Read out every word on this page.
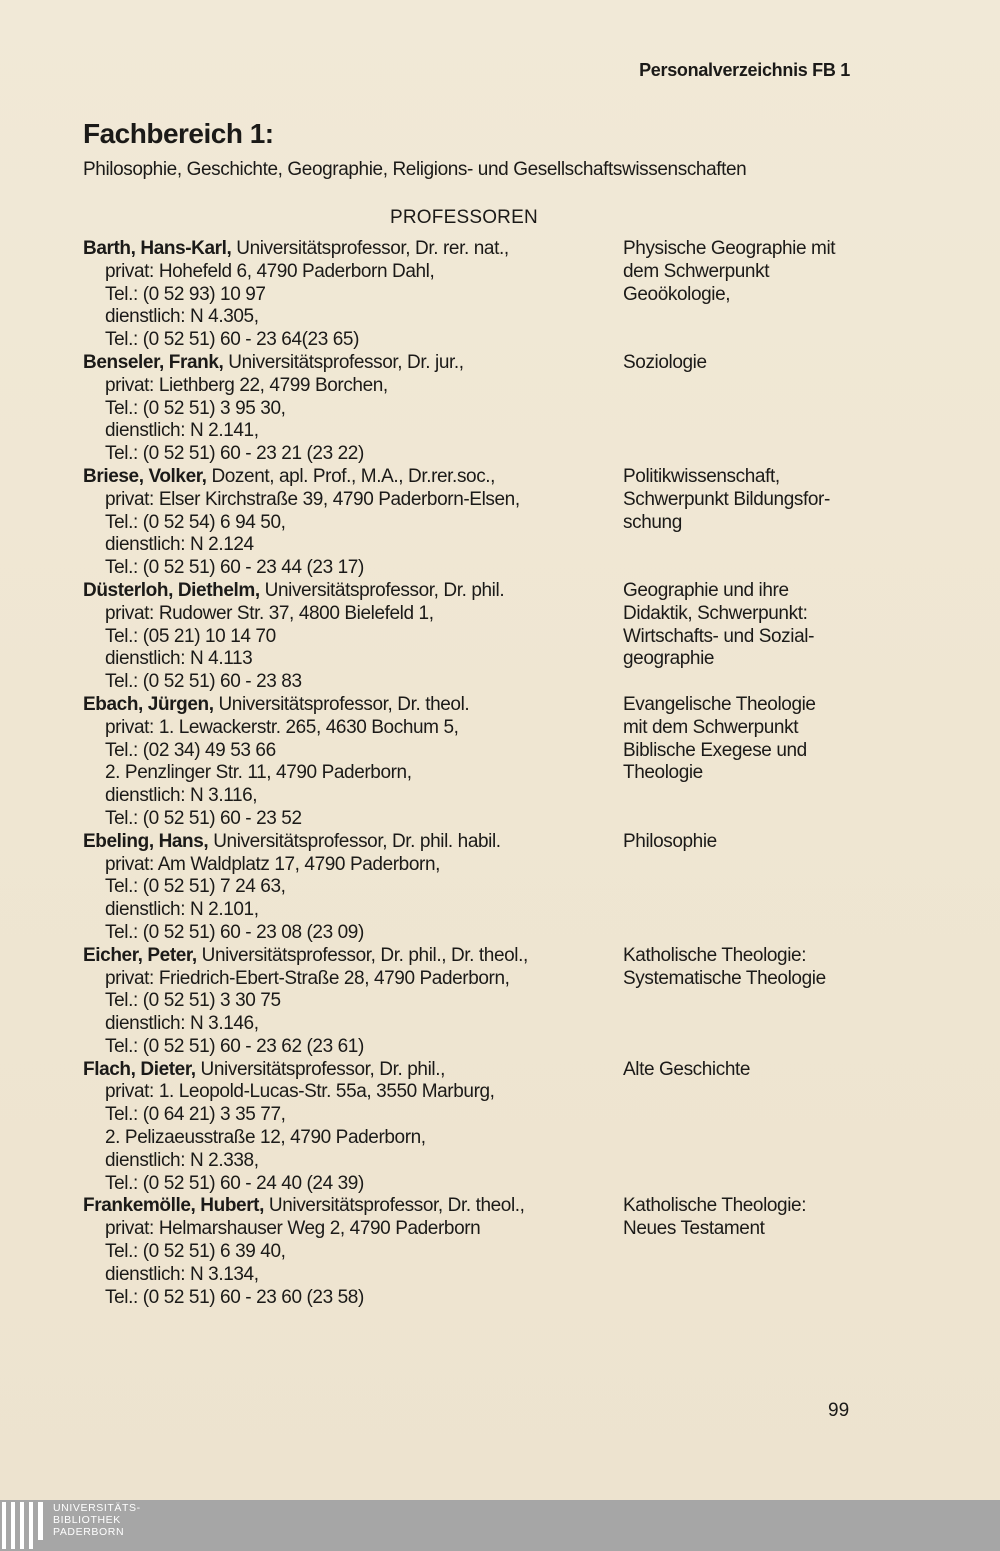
Personalverzeichnis FB 1
Fachbereich 1:
Philosophie, Geschichte, Geographie, Religions- und Gesellschaftswissenschaften
PROFESSOREN
Barth, Hans-Karl, Universitätsprofessor, Dr. rer. nat.,
privat: Hohefeld 6, 4790 Paderborn Dahl,
Tel.: (0 52 93) 10 97
dienstlich: N 4.305,
Tel.: (0 52 51) 60 - 23 64(23 65)
Physische Geographie mit
dem Schwerpunkt
Geoökologie,
Benseler, Frank, Universitätsprofessor, Dr. jur.,
privat: Liethberg 22, 4799 Borchen,
Tel.: (0 52 51) 3 95 30,
dienstlich: N 2.141,
Tel.: (0 52 51) 60 - 23 21 (23 22)
Soziologie
Briese, Volker, Dozent, apl. Prof., M.A., Dr.rer.soc.,
privat: Elser Kirchstraße 39, 4790 Paderborn-Elsen,
Tel.: (0 52 54) 6 94 50,
dienstlich: N 2.124
Tel.: (0 52 51) 60 - 23 44 (23 17)
Politikwissenschaft,
Schwerpunkt Bildungsfor-
schung
Düsterloh, Diethelm, Universitätsprofessor, Dr. phil.
privat: Rudower Str. 37, 4800 Bielefeld 1,
Tel.: (05 21) 10 14 70
dienstlich: N 4.113
Tel.: (0 52 51) 60 - 23 83
Geographie und ihre
Didaktik, Schwerpunkt:
Wirtschafts- und Sozial-
geographie
Ebach, Jürgen, Universitätsprofessor, Dr. theol.
privat: 1. Lewackerstr. 265, 4630 Bochum 5,
Tel.: (02 34) 49 53 66
2. Penzlinger Str. 11, 4790 Paderborn,
dienstlich: N 3.116,
Tel.: (0 52 51) 60 - 23 52
Evangelische Theologie
mit dem Schwerpunkt
Biblische Exegese und
Theologie
Ebeling, Hans, Universitätsprofessor, Dr. phil. habil.
privat: Am Waldplatz 17, 4790 Paderborn,
Tel.: (0 52 51) 7 24 63,
dienstlich: N 2.101,
Tel.: (0 52 51) 60 - 23 08 (23 09)
Philosophie
Eicher, Peter, Universitätsprofessor, Dr. phil., Dr. theol.,
privat: Friedrich-Ebert-Straße 28, 4790 Paderborn,
Tel.: (0 52 51) 3 30 75
dienstlich: N 3.146,
Tel.: (0 52 51) 60 - 23 62 (23 61)
Katholische Theologie:
Systematische Theologie
Flach, Dieter, Universitätsprofessor, Dr. phil.,
privat: 1. Leopold-Lucas-Str. 55a, 3550 Marburg,
Tel.: (0 64 21) 3 35 77,
2. Pelizaeusstraße 12, 4790 Paderborn,
dienstlich: N 2.338,
Tel.: (0 52 51) 60 - 24 40 (24 39)
Alte Geschichte
Frankemölle, Hubert, Universitätsprofessor, Dr. theol.,
privat: Helmarshauser Weg 2, 4790 Paderborn
Tel.: (0 52 51) 6 39 40,
dienstlich: N 3.134,
Tel.: (0 52 51) 60 - 23 60 (23 58)
Katholische Theologie:
Neues Testament
99
UNIVERSITÄTS-
BIBLIOTHEK
PADERBORN
